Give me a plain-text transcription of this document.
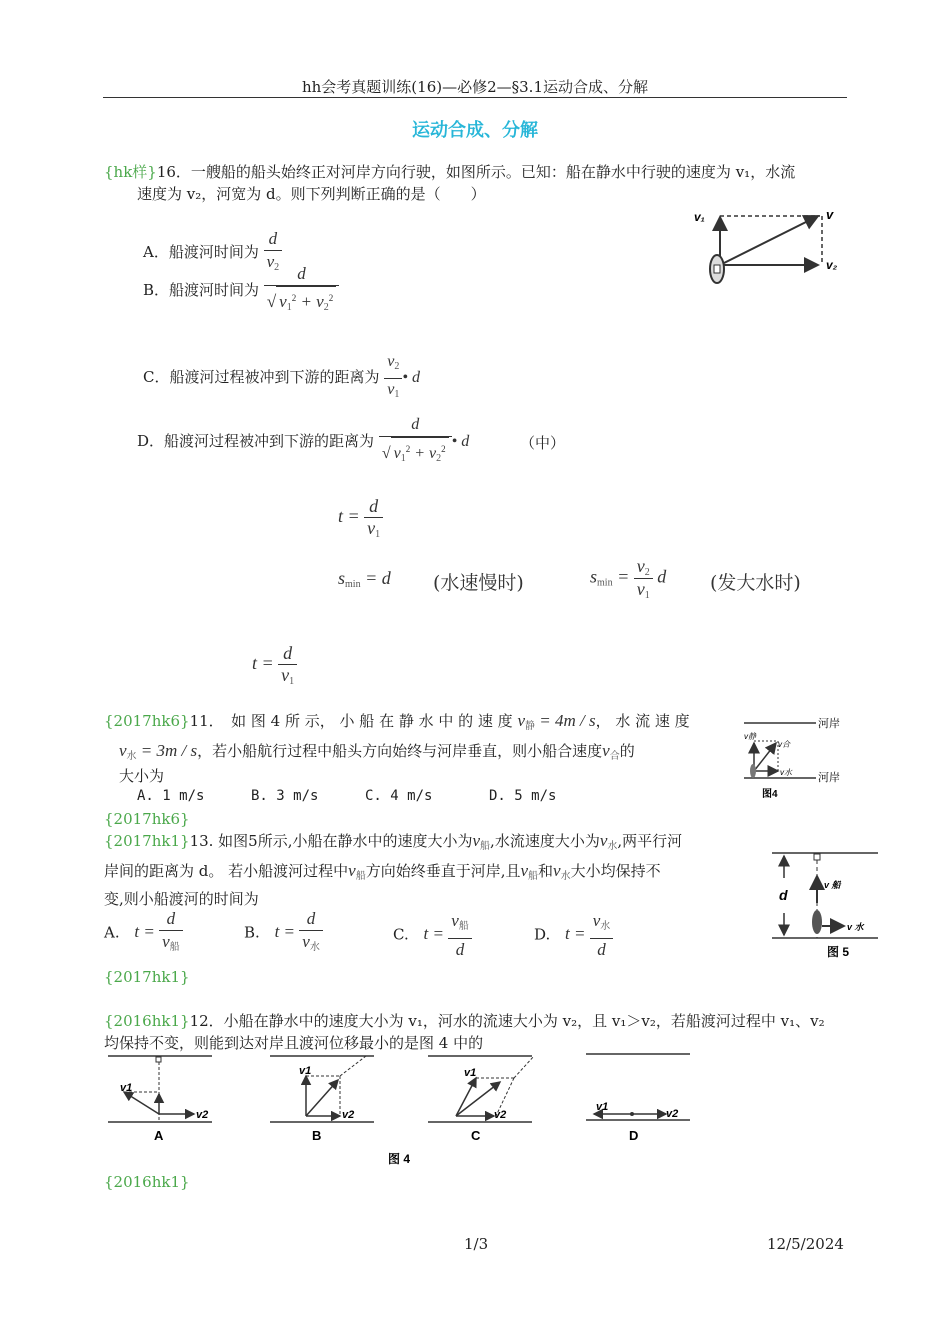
hh会考真题训练(16)—必修2—§3.1运动合成、分解
运动合成、分解
{hk样}16．一艘船的船头始终正对河岸方向行驶，如图所示。已知：船在静水中行驶的速度为 v₁，水流
速度为 v₂，河宽为 d。则下列判断正确的是（　　）
A．船渡河时间为 $\frac{d}{v_2}$
B．船渡河时间为 $\frac{d}{√ v_1^2 + v_2^2}$
C．船渡河过程被冲到下游的距离为 $\frac{v_2}{v_1}$ • d
D．船渡河过程被冲到下游的距离为 $\frac{d}{√ v_1^2 + v_2^2}$ • d	（中）
v₁	v
v₂
$t = \frac{d}{v_1}$
$s_{min} = d$ (水速慢时)	$s_{min} = \frac{v_2}{v_1}$ d (发大水时)
$t = \frac{d}{v_1}$
{2017hk6}11．　如 图 4 所 示， 小 船 在 静 水 中 的 速 度 $v_静 = 4m / s$， 水 流 速 度
$v_水 = 3m / s$，若小船航行过程中船头方向始终与河岸垂直，则小船合速度$v_合$的
大小为
A. 1 m/s	B. 3 m/s	C. 4 m/s	D. 5 m/s
{2017hk6}
河岸
河岸
v静
v合
v水
图4
{2017hk1}13. 如图5所示,小船在静水中的速度大小为$v_船$,水流速度大小为$v_水$,两平行河
岸间的距离为 d。 若小船渡河过程中$v_船$方向始终垂直于河岸,且$v_船$和$v_水$大小均保持不
变,则小船渡河的时间为
A. $t = \frac{d}{v_船}$	B. $t = \frac{d}{v_水}$	C. $t = \frac{v_船}{d}$	D. $t = \frac{v_水}{d}$
{2017hk1}
d
v 船
v 水
图 5
{2016hk1}12．小船在静水中的速度大小为 v₁，河水的流速大小为 v₂，且 v₁＞v₂，若船渡河过程中 v₁、v₂
均保持不变，则能到达对岸且渡河位移最小的是图 4 中的
v1
v2
A
v1
v2
B
v1
v2
C
v1
v2
D
图 4
{2016hk1}
1/3	12/5/2024
